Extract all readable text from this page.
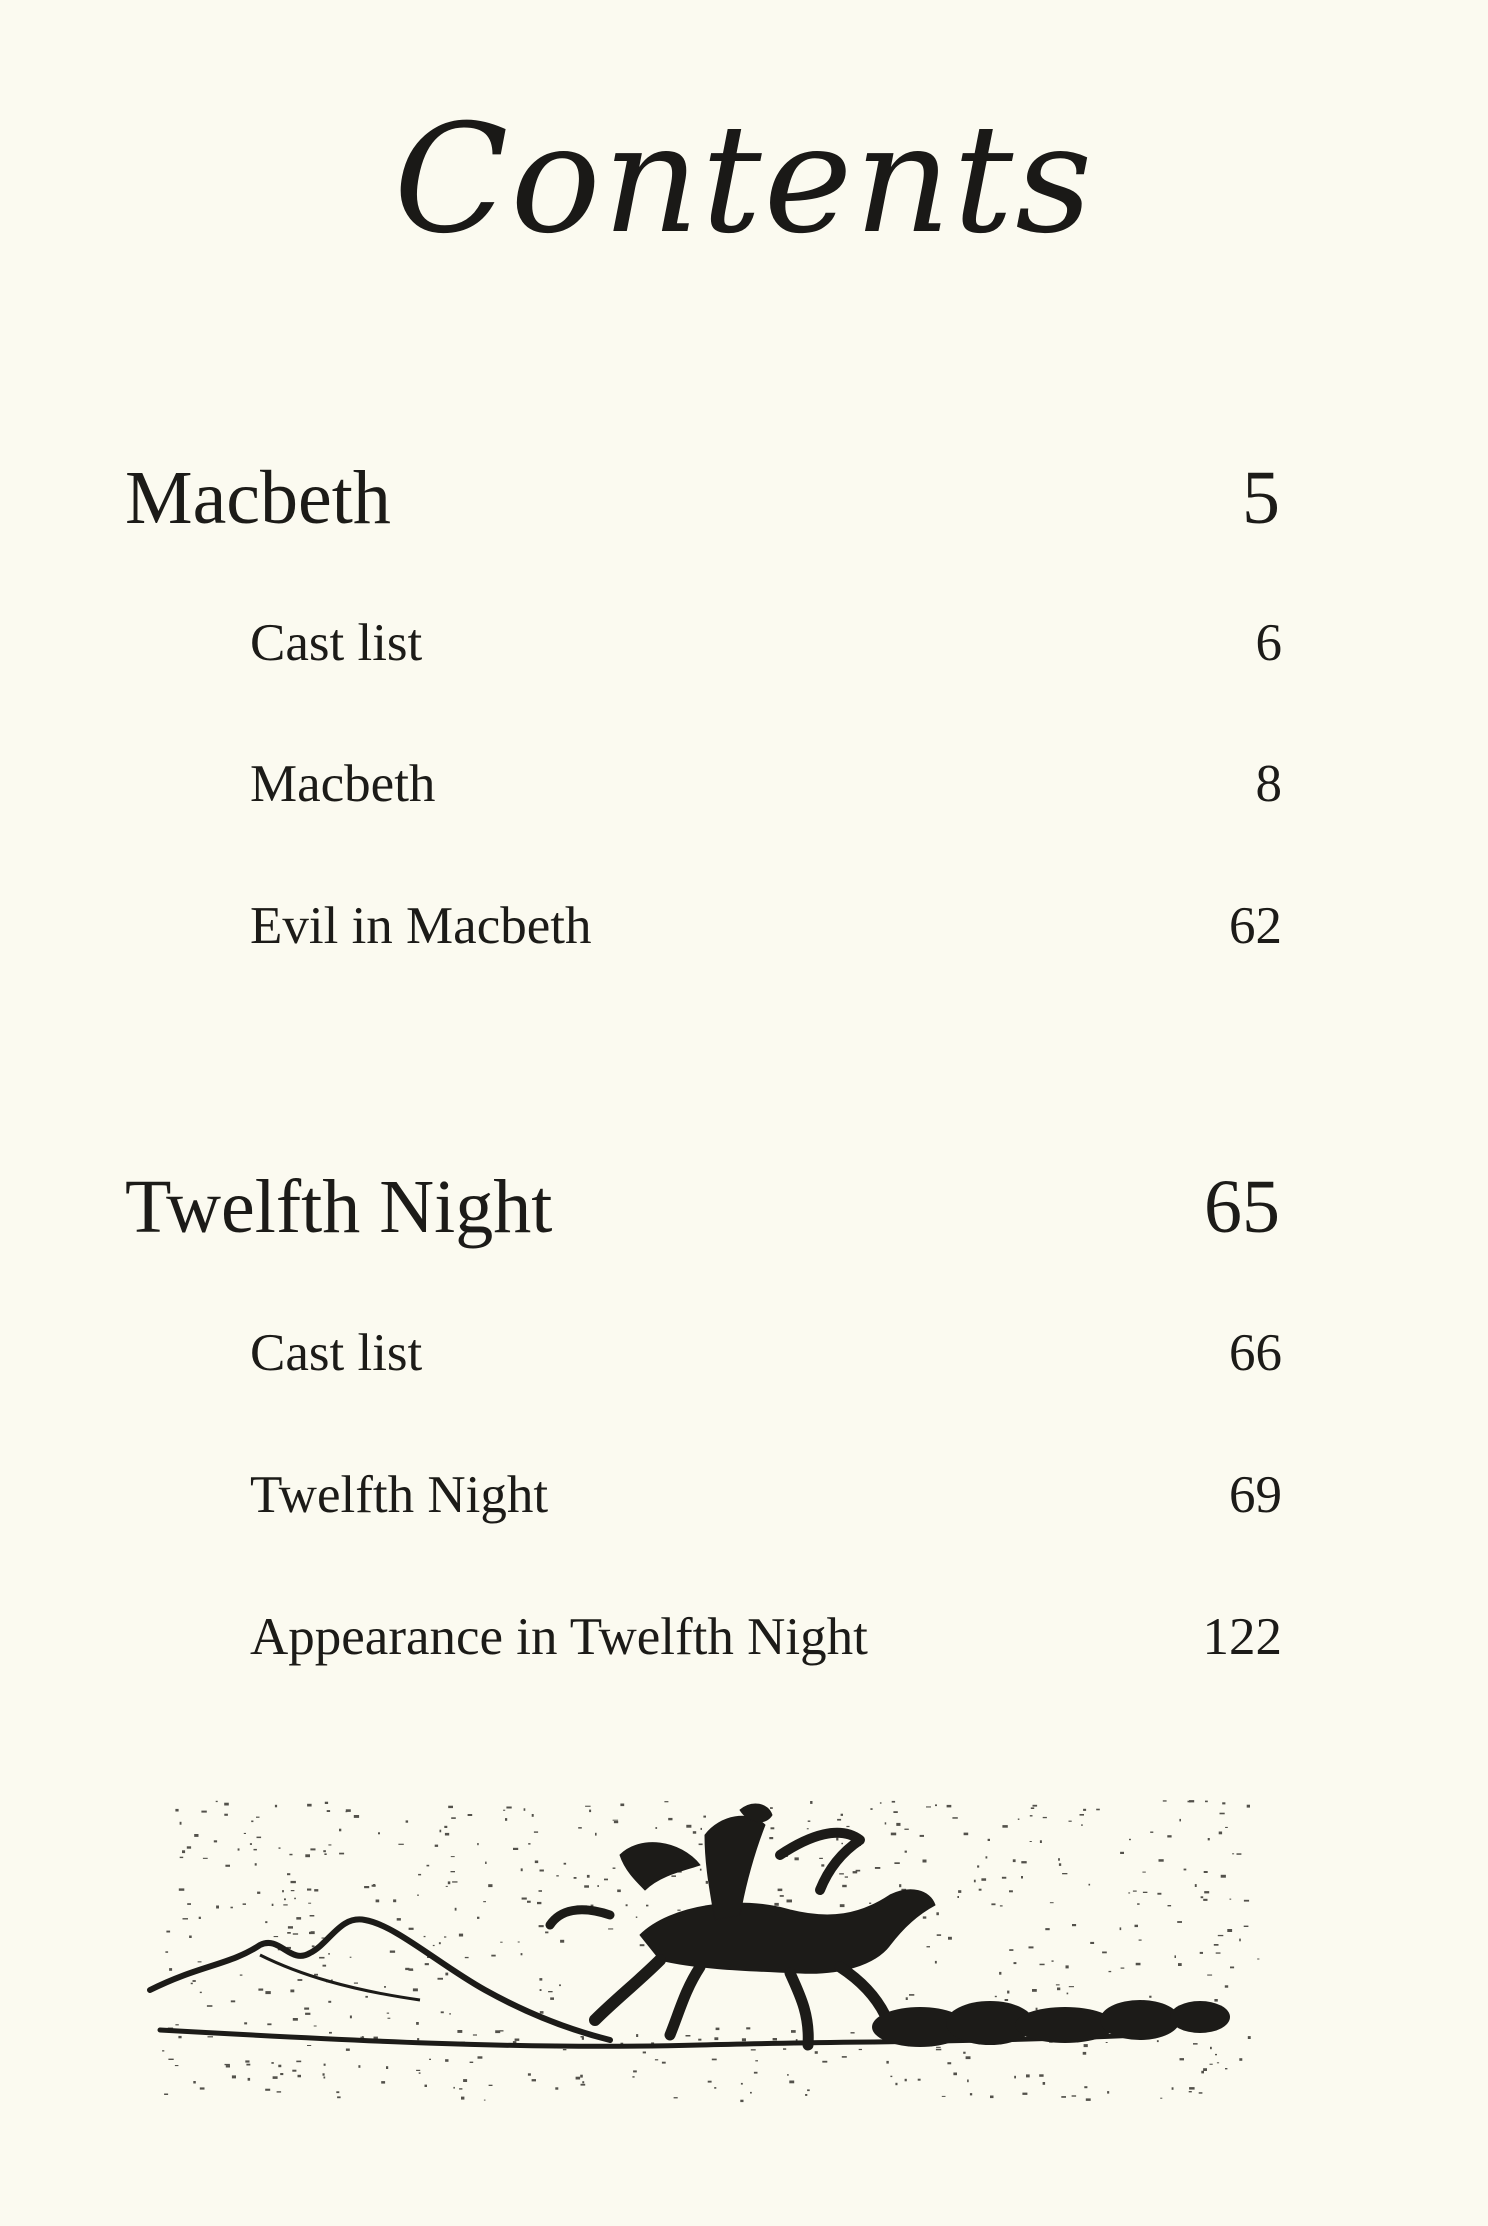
Contents
Macbeth	5
Cast list	6
Macbeth	8
Evil in Macbeth	62
Twelfth Night	65
Cast list	66
Twelfth Night	69
Appearance in Twelfth Night	122
